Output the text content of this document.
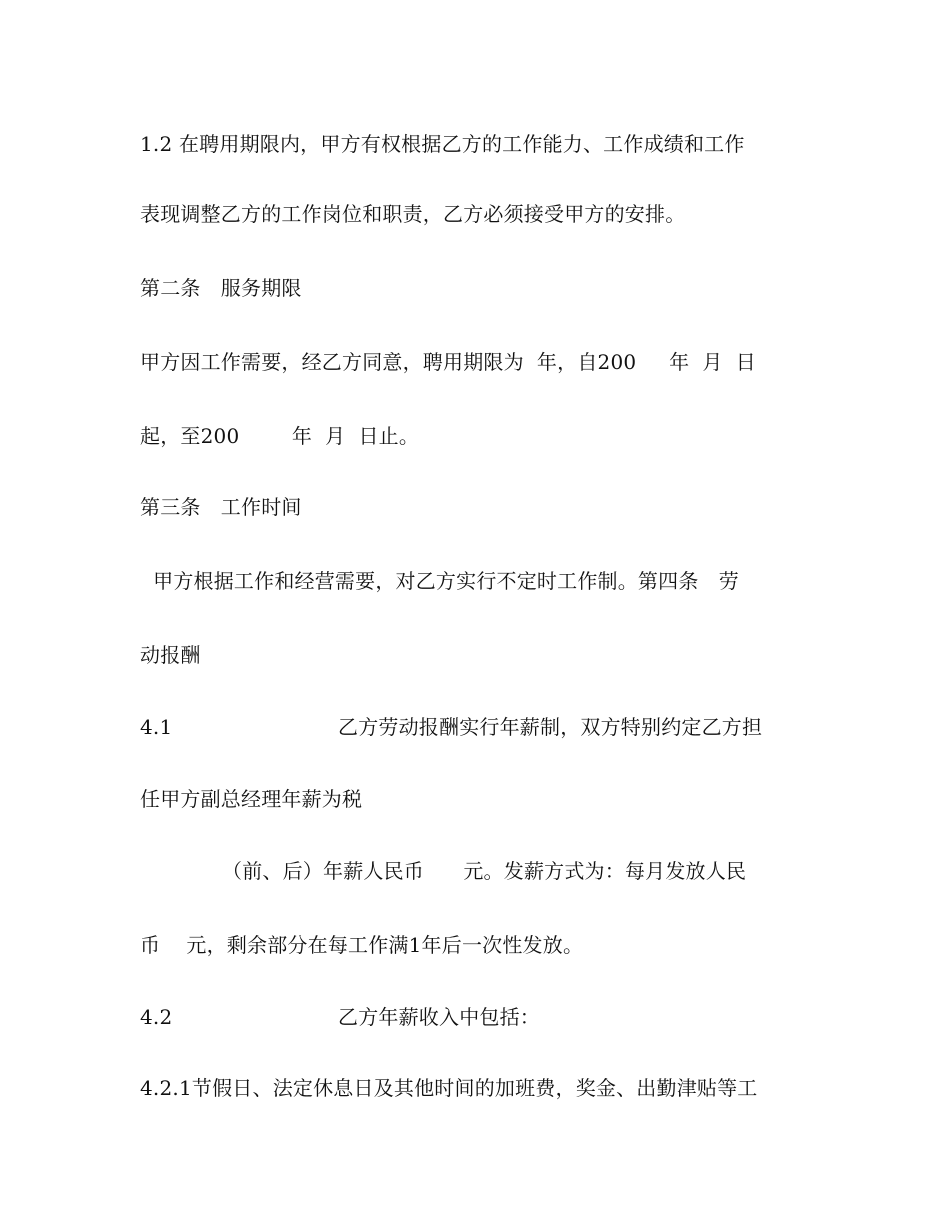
1.2 在聘用期限内，甲方有权根据乙方的工作能力、工作成绩和工作

表现调整乙方的工作岗位和职责，乙方必须接受甲方的安排。

第二条　服务期限

甲方因工作需要，经乙方同意，聘用期限为  年，自200     年  月  日

起，至200        年  月  日止。

第三条　工作时间

甲方根据工作和经营需要，对乙方实行不定时工作制。第四条　劳

动报酬

4.1

	乙方劳动报酬实行年薪制，双方特别约定乙方担

任甲方副总经理年薪为税

（前、后）年薪人民币      元。发薪方式为：每月发放人民

币    元，剩余部分在每工作满1年后一次性发放。

4.2

	乙方年薪收入中包括：

4.2.1节假日、法定休息日及其他时间的加班费，奖金、出勤津贴等工
